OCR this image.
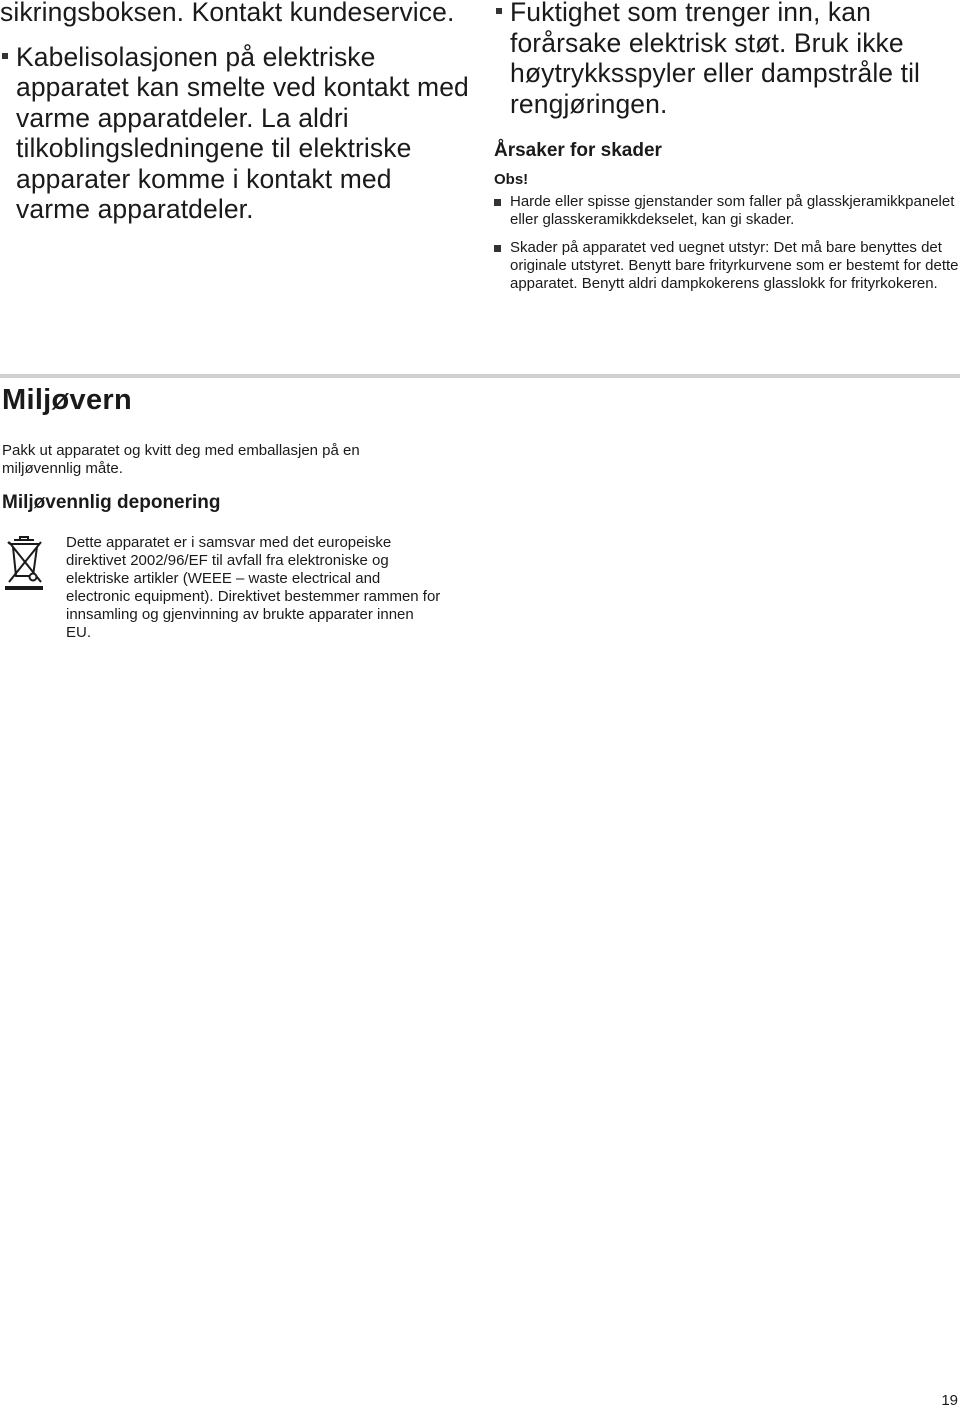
sikringsboksen. Kontakt kundeservice.

Kabelisolasjonen på elektriske apparatet kan smelte ved kontakt med varme apparatdeler. La aldri tilkoblingsledningene til elektriske apparater komme i kontakt med varme apparatdeler.

Fuktighet som trenger inn, kan forårsake elektrisk støt. Bruk ikke høytrykksspyler eller dampstråle til rengjøringen.

Årsaker for skader

Obs!

Harde eller spisse gjenstander som faller på glasskjeramikkpanelet eller glasskeramikkdekselet, kan gi skader.
Skader på apparatet ved uegnet utstyr: Det må bare benyttes det originale utstyret. Benytt bare frityrkurvene som er bestemt for dette apparatet. Benytt aldri dampkokerens glasslokk for frityrkokeren.
Miljøvern

Pakk ut apparatet og kvitt deg med emballasjen på en miljøvennlig måte.

Miljøvennlig deponering

Dette apparatet er i samsvar med det europeiske direktivet 2002/96/EF til avfall fra elektroniske og elektriske artikler (WEEE – waste electrical and electronic equipment). Direktivet bestemmer rammen for innsamling og gjenvinning av brukte apparater innen EU.

19
